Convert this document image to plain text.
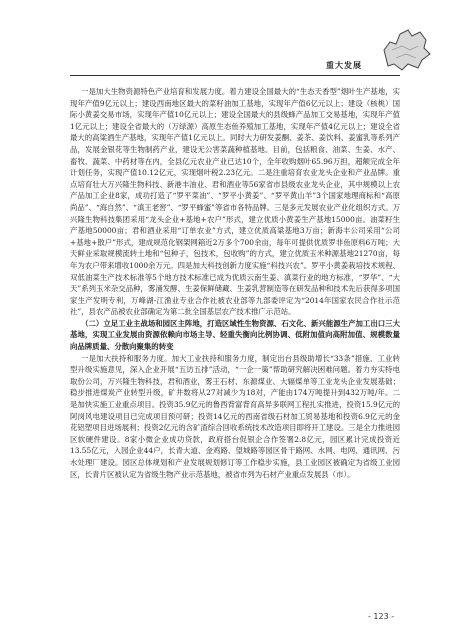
重大发展

一是加大生物资源特色产业培育和发展力度。着力建设全国最大的“生态天香型”烟叶生产基地，实现年产值9亿元以上；建设西南地区最大的菜籽油加工基地，实现年产值6亿元以上；建设（核桃）国际小黄姜交易市场，实现年产值10亿元以上；建设全国最大的县级蜂产品加工交易基地，实现年产值1亿元以上；建设全省最大的（万绿源）高原生态鱼养殖加工基地，实现年产值4亿元以上；建设全省最大的高粱酒生产基地，实现年产值1亿元以上。同时大力研发姜酮、姜茶、姜饮料、姜蜜乳等系列产品，发展金银花等生物制药产业，建设无公害菜蔬种植基地。目前，包括粮食、油菜、生姜、水产、畜牧、蔬菜、中药材等在内，全县亿元农业产业已达10个，全年收购烟叶65.96万担，超额完成全年计划任务，实现产值10.12亿元，实现烟叶税2.23亿元。二是注重培育农业龙头企业和产业品牌。重点培育壮大万兴隆生物科技、新港丰油业、君和酒业等56家省市县级农业龙头企业，其中规模以上农产品加工企业8家，成功打造了“罗平菜油”、“罗平小黄姜”、“罗平黄山羊”3个国家地理商标和“高原尚品”、“海自然”、“滇王老窖”、“罗平蜂蜜”等省市各特品牌。三是多元发展农业产业化组织方式。万兴隆生物科技集团采用“龙头企业+基地+农户”形式，建立优质小黄姜生产基地15000亩。油菜籽生产基地50000亩；君和酒业采用“订单农业”方式，建立优质高粱基地3万亩；新海丰公司采用“公司+基地+散户”形式，建成规范化钢架网箱近2万多个700余亩，每年可提供优质罗非鱼原料6万吨；大天鲜业采取规模流转土地和“包种子，包技术，包收购”的方式，建立优质玉米种源基地21270亩，每年为农户带来增收1000余万元。四是加大科技创新力度实施“科技兴农”。罗平小黄姜栽培技术规程、双低油菜生产技术标准等5个地方技术标准已成为优质云南生姜、滇菜行业的地方标准，“罗华”、“大天”系列玉米杂交品种，雾涌发酵、生姜保鲜储藏、生姜乳营制造等在研发品种和技术先后获得多项国家生产发明专利，万峰湖-江渔业专业合作社被农业部等九部委评定为“2014年国家农民合作社示范社”，县农产品被农业部确定为第二批全国基层农产技术推广示范站。

（二）立足工业主战场和园区主阵地，打造区域性生物资源、石文化、新兴能源生产加工出口三大基地，实现工业发展由资源依赖向市场主导、轻重失衡向比例协调、低附加值向高附加值、规模数量向品牌质量、分散向聚集的转变

一是加大扶持和服务力度。加大工业扶持和服务力度，制定出台县级助增长“33条”措施、工业转型升级实施意见，深入企业开展“五访五排”活动，“一企一策”帮助研究解决困难问题。着力夯实特电取份公司，万兴隆生物科技，君和酒业，雾王石材、东源煤业、大辐煤单等工业龙头企业发展基础；稳步推进煤炭产业转型升级，矿井数将从27对减少为18对，产能由174万吨提升到432万吨/年。二是加快实施工业重点项目。投资35.9亿元的鲁西背富背育高异多联网工程扎实推进，投资15.9亿元的阿岗风电建设项目已完成项目预可研；投资14亿元的西南省级石材加工贸易基地和投资6.9亿元的金花铝塑项目进场展利；投资2亿元的含矿渣综合回收系统技术改造项目即将开工建设。三是全力推进园区软硬件建设。8家小微企业成功贷款，政府搭台促银企合作签署2.8亿元，园区累计完成投资近13.55亿元，入园企业44户，长青大道、金鸡路、望城路等园区骨干路网、水网、电网、通讯网、污水处理厂建设。园区总体规划和产业发展规划修订等工作稳步实施，县工业园区被确定为省级工业园区，长青片区被认定为省级生物产业示范基地，被省市列为石材产业重点发展县（市）。

- 123 -
